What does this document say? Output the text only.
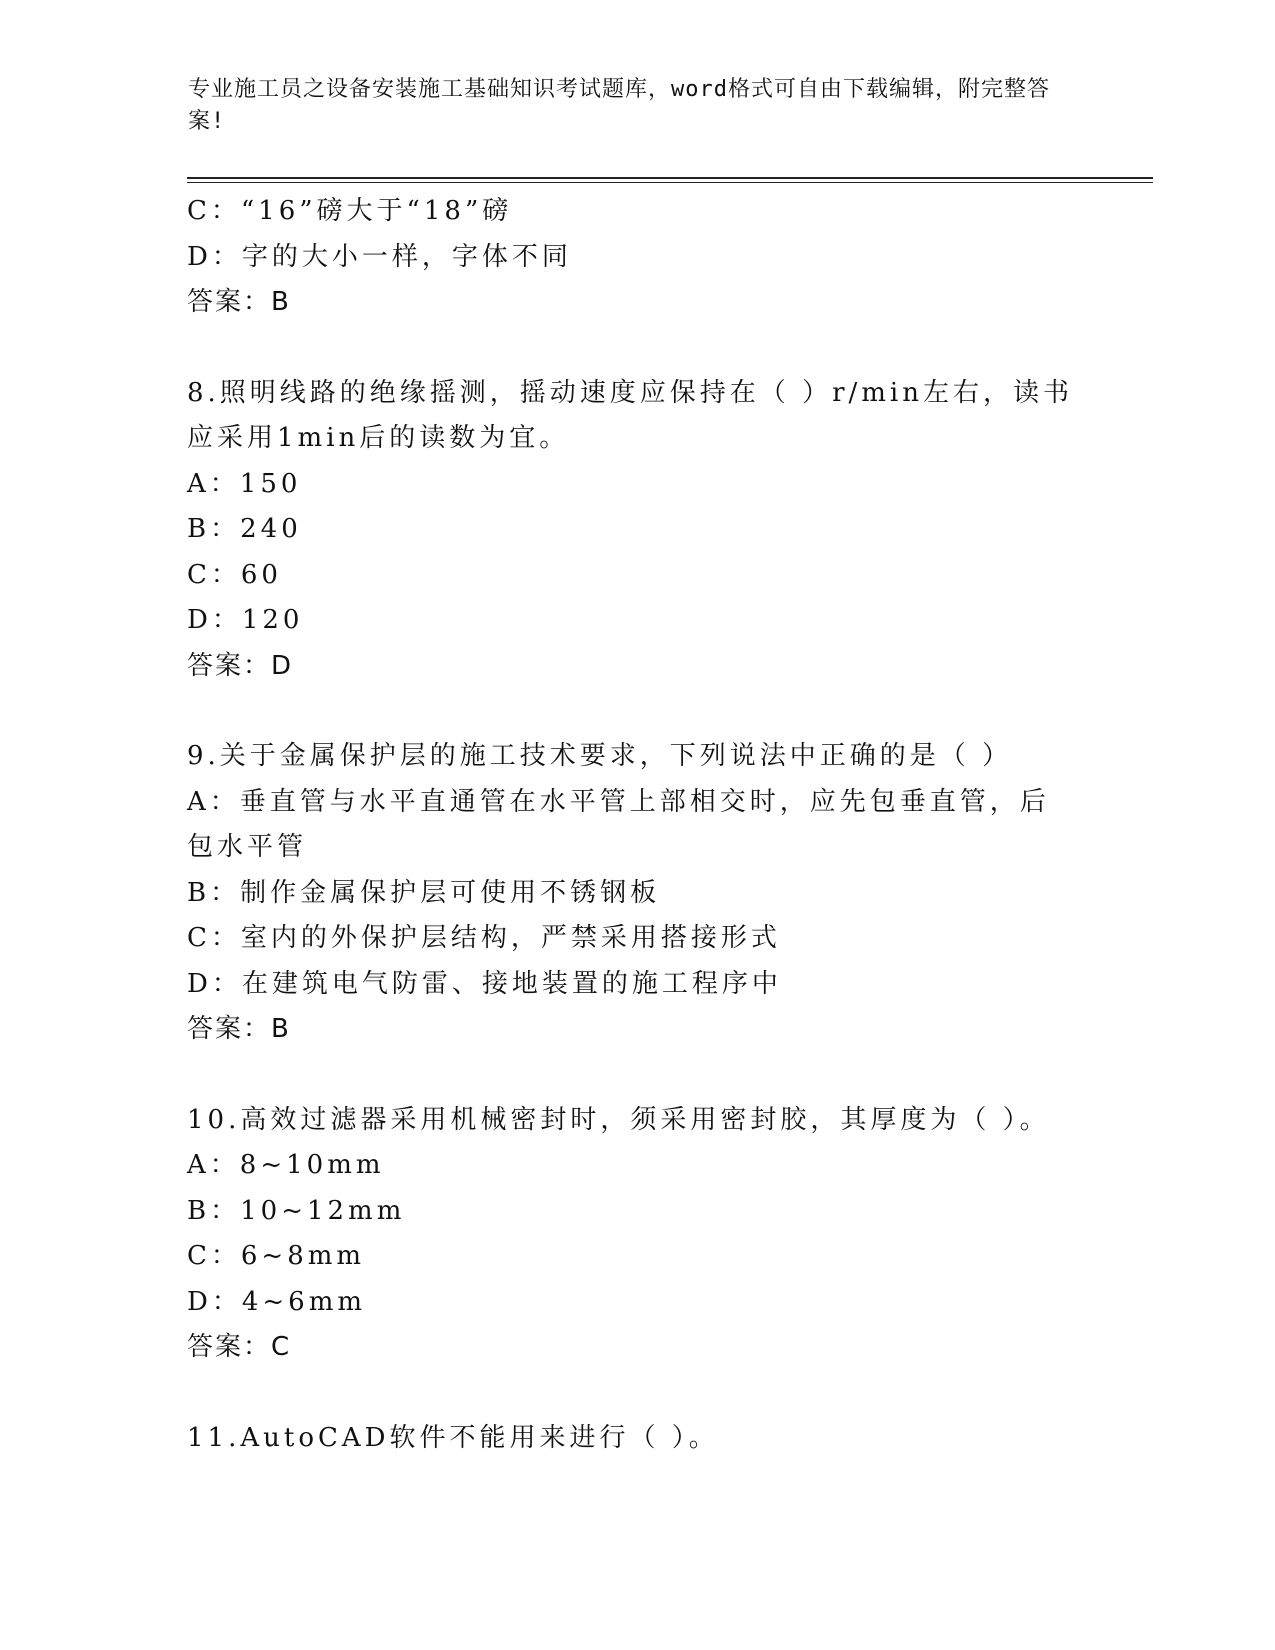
专业施工员之设备安装施工基础知识考试题库，word格式可自由下载编辑，附完整答案!
C：“16”磅大于“18”磅
D：字的大小一样，字体不同
答案：B
8.照明线路的绝缘摇测，摇动速度应保持在（ ）r/min左右，读书应采用1min后的读数为宜。
A：150
B：240
C：60
D：120
答案：D
9.关于金属保护层的施工技术要求，下列说法中正确的是（ ）
A：垂直管与水平直通管在水平管上部相交时，应先包垂直管，后包水平管
B：制作金属保护层可使用不锈钢板
C：室内的外保护层结构，严禁采用搭接形式
D：在建筑电气防雷、接地装置的施工程序中
答案：B
10.高效过滤器采用机械密封时，须采用密封胶，其厚度为（ ）。
A：8~10mm
B：10~12mm
C：6~8mm
D：4~6mm
答案：C
11.AutoCAD软件不能用来进行（ ）。
